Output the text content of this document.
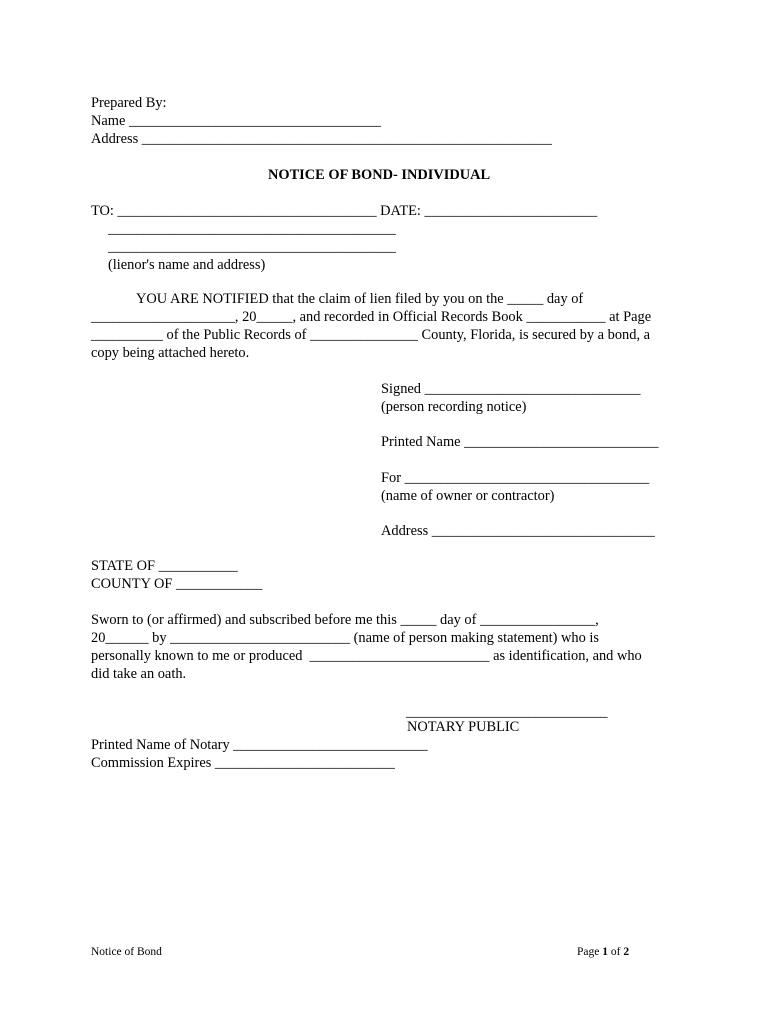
Prepared By:
Name ___________________________________
Address _________________________________________________________
NOTICE OF BOND- INDIVIDUAL
TO: ____________________________________ DATE: ________________________
________________________________________
________________________________________
(lienor's name and address)
YOU ARE NOTIFIED that the claim of lien filed by you on the _____ day of
____________________, 20_____, and recorded in Official Records Book ___________ at Page
__________ of the Public Records of _______________ County, Florida, is secured by a bond, a
copy being attached hereto.
Signed ______________________________
(person recording notice)
Printed Name ___________________________
For __________________________________
(name of owner or contractor)
Address _______________________________
STATE OF ___________
COUNTY OF ____________
Sworn to (or affirmed) and subscribed before me this _____ day of ________________,
20______ by _________________________ (name of person making statement) who is
personally known to me or produced  _________________________ as identification, and who
did take an oath.
____________________________
NOTARY PUBLIC
Printed Name of Notary ___________________________
Commission Expires _________________________
Notice of Bond	Page 1 of 2
